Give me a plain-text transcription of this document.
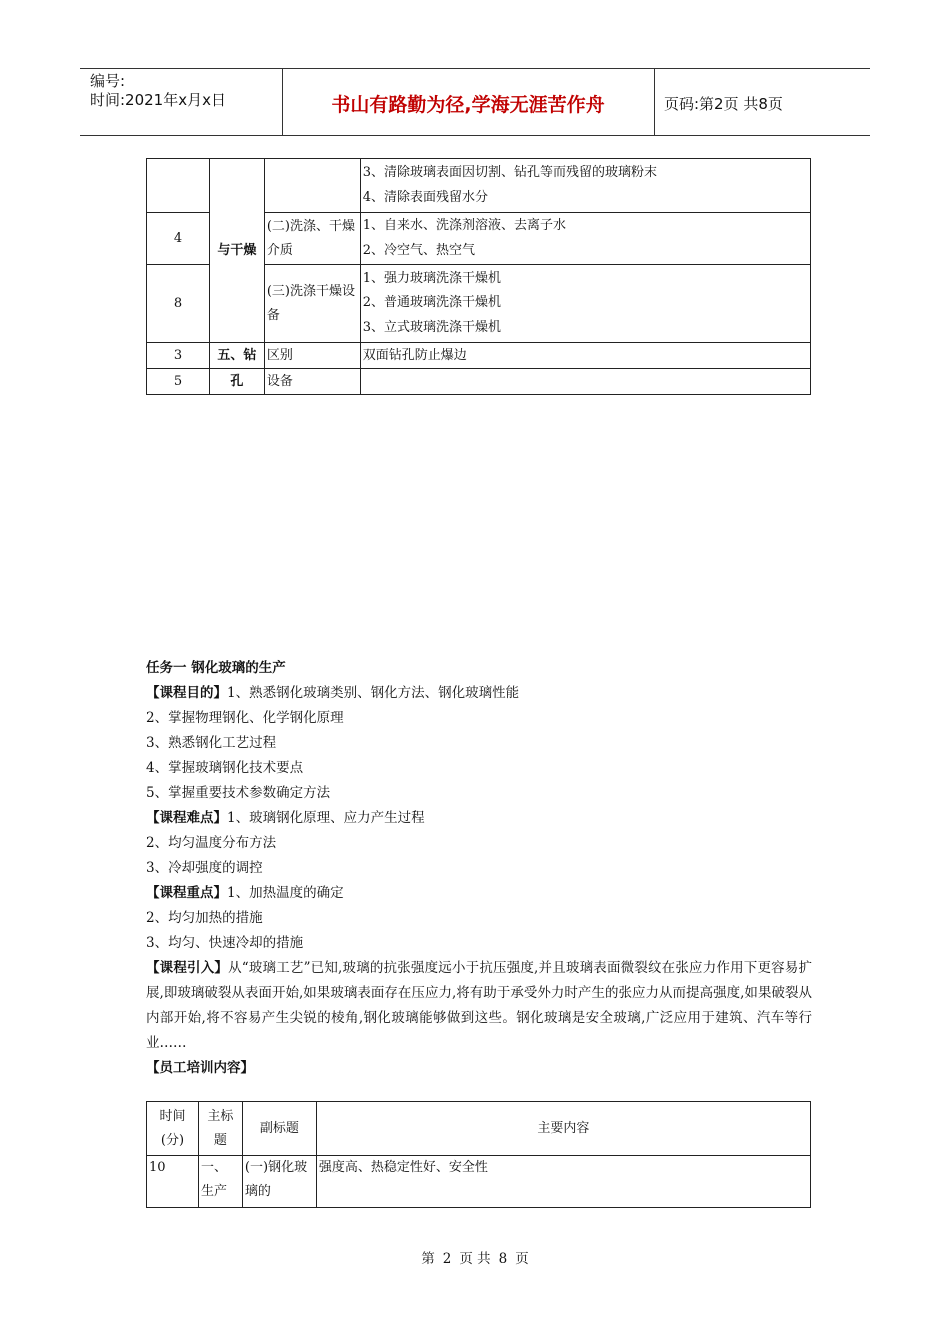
编号:
时间:2021年x月x日	书山有路勤为径,学海无涯苦作舟	页码:第2页 共8页
	与干燥		3、清除玻璃表面因切割、钻孔等而残留的玻璃粉末
4、清除表面残留水分

4		(二)洗涤、干燥介质	1、自来水、洗涤剂溶液、去离子水
2、冷空气、热空气

8		(三)洗涤干燥设备	1、强力玻璃洗涤干燥机
2、普通玻璃洗涤干燥机
3、立式玻璃洗涤干燥机

3	五、钻	区别	双面钻孔防止爆边
5	孔	设备	
任务一 钢化玻璃的生产
【课程目的】1、熟悉钢化玻璃类别、钢化方法、钢化玻璃性能
2、掌握物理钢化、化学钢化原理
3、熟悉钢化工艺过程
4、掌握玻璃钢化技术要点
5、掌握重要技术参数确定方法
【课程难点】1、玻璃钢化原理、应力产生过程
2、均匀温度分布方法
3、冷却强度的调控
【课程重点】1、加热温度的确定
2、均匀加热的措施
3、均匀、快速冷却的措施
【课程引入】从“玻璃工艺”已知,玻璃的抗张强度远小于抗压强度,并且玻璃表面微裂纹在张应力作用下更容易扩展,即玻璃破裂从表面开始,如果玻璃表面存在压应力,将有助于承受外力时产生的张应力从而提高强度,如果破裂从内部开始,将不容易产生尖锐的棱角,钢化玻璃能够做到这些。钢化玻璃是安全玻璃,广泛应用于建筑、汽车等行业……
【员工培训内容】
时间(分)	主标题	副标题	主要内容
10	一、生产	(一)钢化玻璃的	强度高、热稳定性好、安全性
第 2 页 共 8 页
